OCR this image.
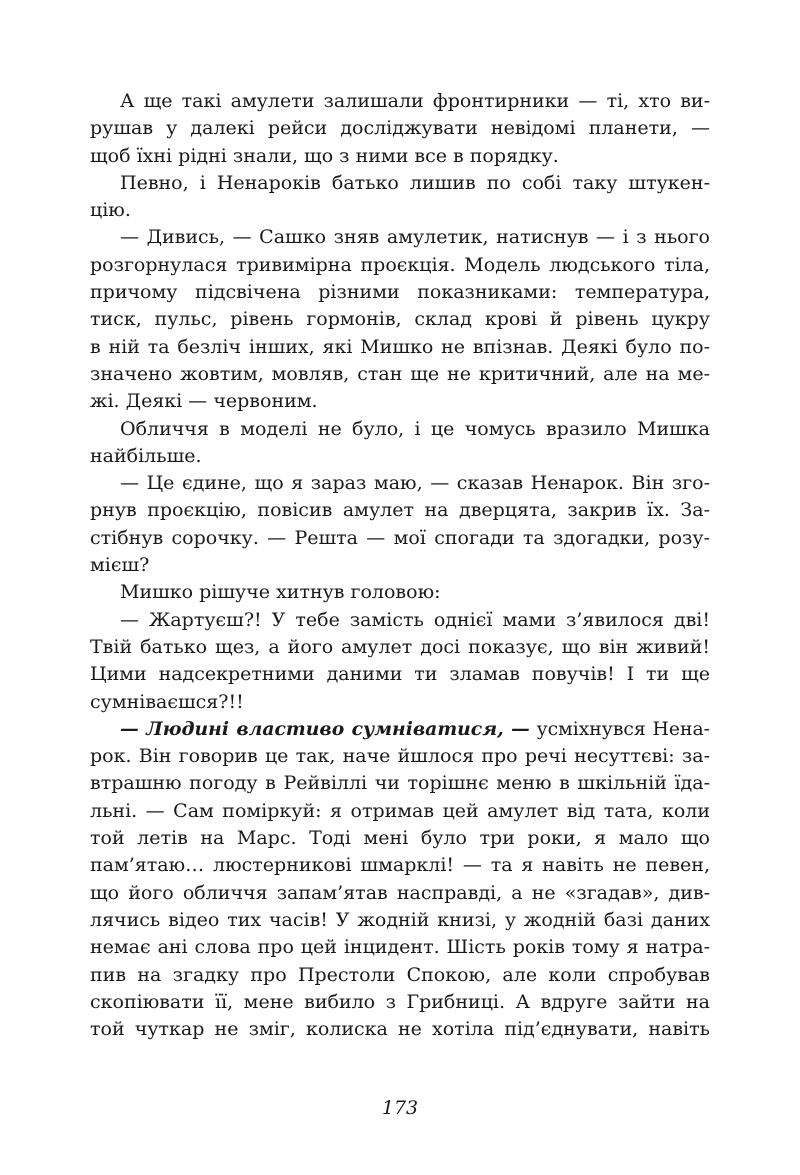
А ще такі амулети залишали фронтирники — ті, хто ви-
рушав у далекі рейси досліджувати невідомі планети, —
щоб їхні рідні знали, що з ними все в порядку.
Певно, і Ненароків батько лишив по собі таку штукен-
цію.
— Дивись, — Сашко зняв амулетик, натиснув — і з нього
розгорнулася тривимірна проєкція. Модель людського тіла,
причому підсвічена різними показниками: температура,
тиск, пульс, рівень гормонів, склад крові й рівень цукру
в ній та безліч інших, які Мишко не впізнав. Деякі було по-
значено жовтим, мовляв, стан ще не критичний, але на ме-
жі. Деякі — червоним.
Обличчя в моделі не було, і це чомусь вразило Мишка
найбільше.
— Це єдине, що я зараз маю, — сказав Ненарок. Він зго-
рнув проєкцію, повісив амулет на дверцята, закрив їх. За-
стібнув сорочку. — Решта — мої спогади та здогадки, розу-
мієш?
Мишко рішуче хитнув головою:
— Жартуєш?! У тебе замість однієї мами з’явилося дві!
Твій батько щез, а його амулет досі показує, що він живий!
Цими надсекретними даними ти зламав повучів! І ти ще
сумніваєшся?!!
— Людині властиво сумніватися, — усміхнувся Нена-
рок. Він говорив це так, наче йшлося про речі несуттєві: за-
втрашню погоду в Рейвіллі чи торішнє меню в шкільній їда-
льні. — Сам поміркуй: я отримав цей амулет від тата, коли
той летів на Марс. Тоді мені було три роки, я мало що
пам’ятаю… люстерникові шмарклі! — та я навіть не певен,
що його обличчя запам’ятав насправді, а не «згадав», див-
лячись відео тих часів! У жодній книзі, у жодній базі даних
немає ані слова про цей інцидент. Шість років тому я натра-
пив на згадку про Престоли Спокою, але коли спробував
скопіювати її, мене вибило з Грибниці. А вдруге зайти на
той чуткар не зміг, колиска не хотіла під’єднувати, навіть
173
